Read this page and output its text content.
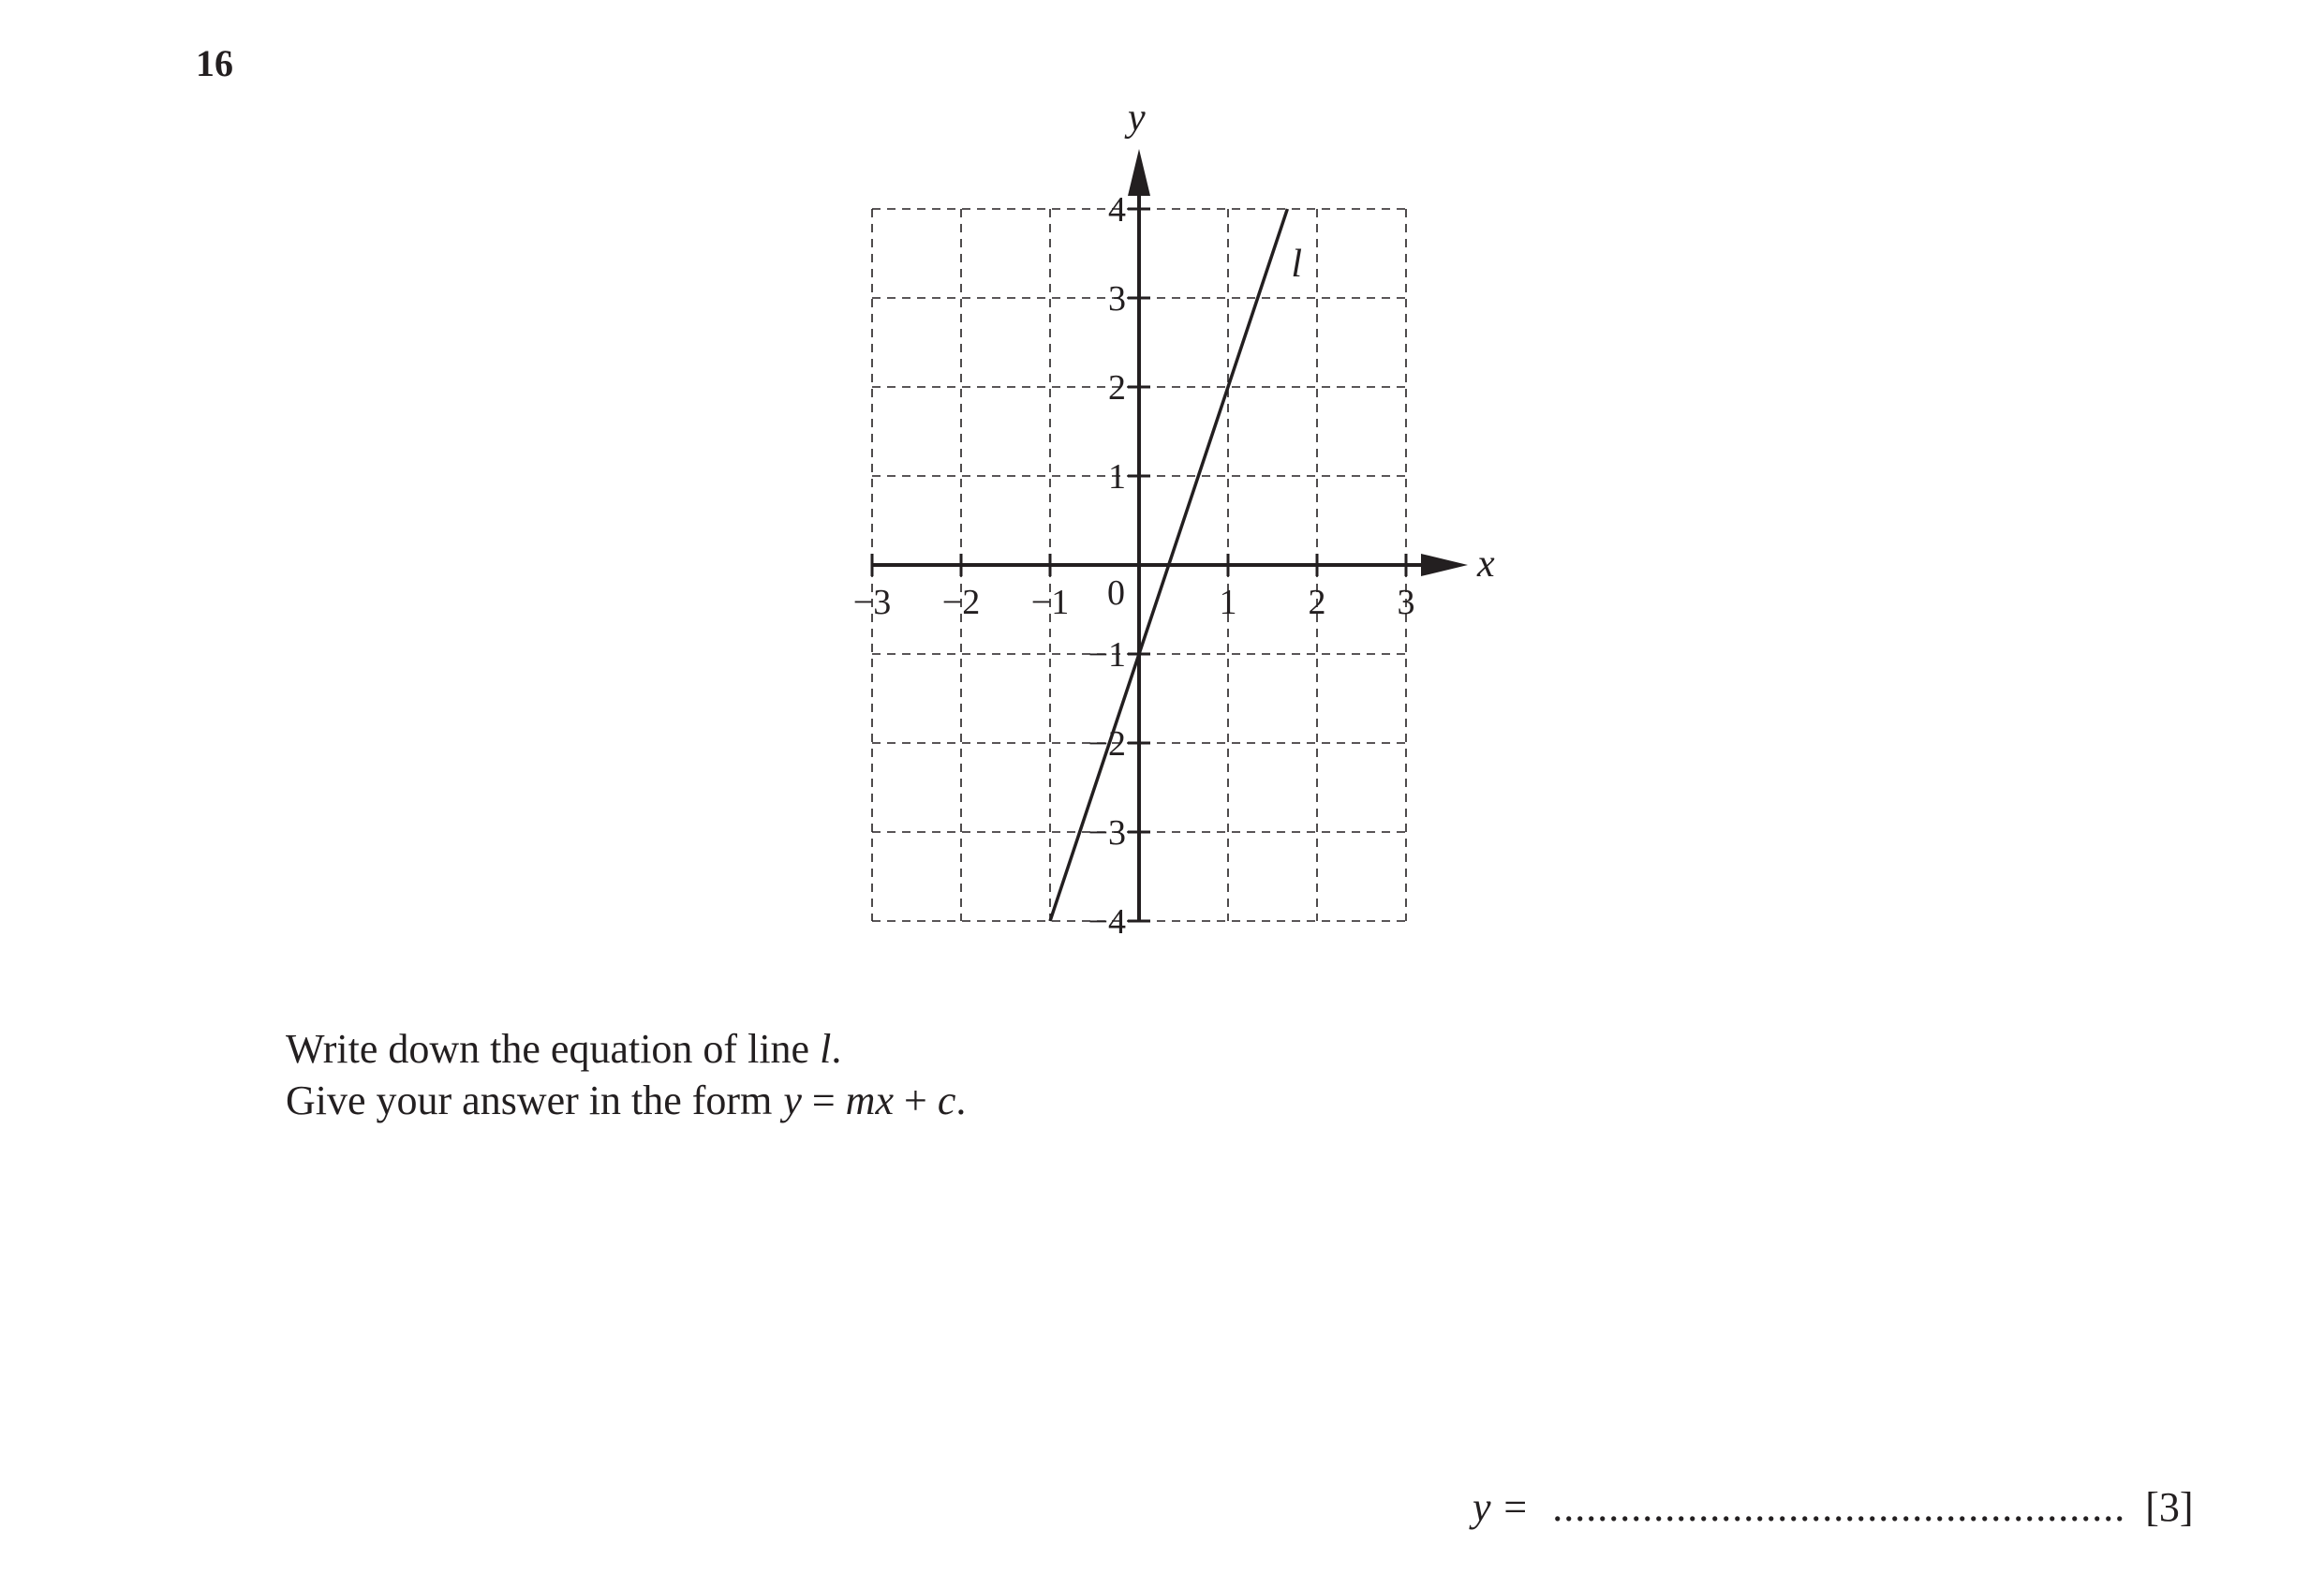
16
x
y
0
−3 −2 −1	1 2 3
4
3
2
1
−1
−2
−3
−4
l

Write down the equation of line l.

Give your answer in the form y = mx + c.

y = ................................................... [3]
